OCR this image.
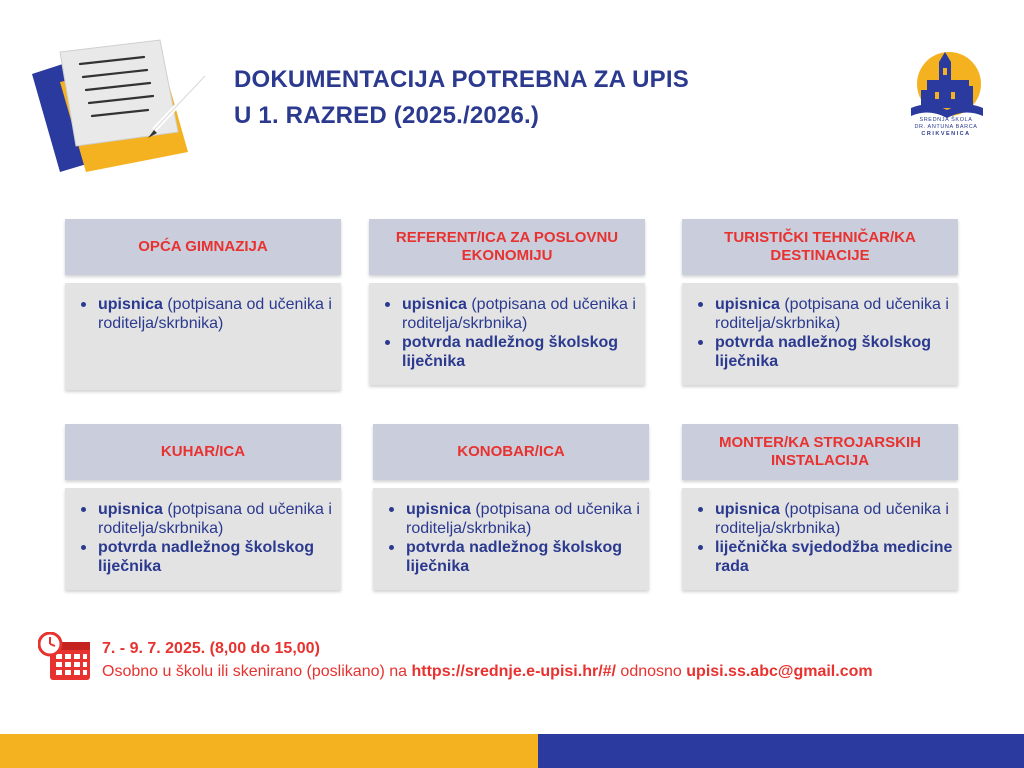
DOKUMENTACIJA POTREBNA ZA UPIS
U 1. RAZRED (2025./2026.)	SREDNJA ŠKOLA
DR. ANTUNA BARCA
CRIKVENICA
OPĆA GIMNAZIJA
upisnica (potpisana od učenika i roditelja/skrbnika)
REFERENT/ICA ZA POSLOVNU EKONOMIJU
upisnica (potpisana od učenika i roditelja/skrbnika)
potvrda nadležnog školskog liječnika
TURISTIČKI TEHNIČAR/KA DESTINACIJE
upisnica (potpisana od učenika i roditelja/skrbnika)
potvrda nadležnog školskog liječnika
KUHAR/ICA
upisnica (potpisana od učenika i roditelja/skrbnika)
potvrda nadležnog školskog liječnika
KONOBAR/ICA
upisnica (potpisana od učenika i roditelja/skrbnika)
potvrda nadležnog školskog liječnika
MONTER/KA STROJARSKIH INSTALACIJA
upisnica (potpisana od učenika i roditelja/skrbnika)
liječnička svjedodžba medicine rada
7. - 9. 7. 2025. (8,00 do 15,00)
Osobno u školu ili skenirano (poslikano) na https://srednje.e-upisi.hr/#/ odnosno upisi.ss.abc@gmail.com
